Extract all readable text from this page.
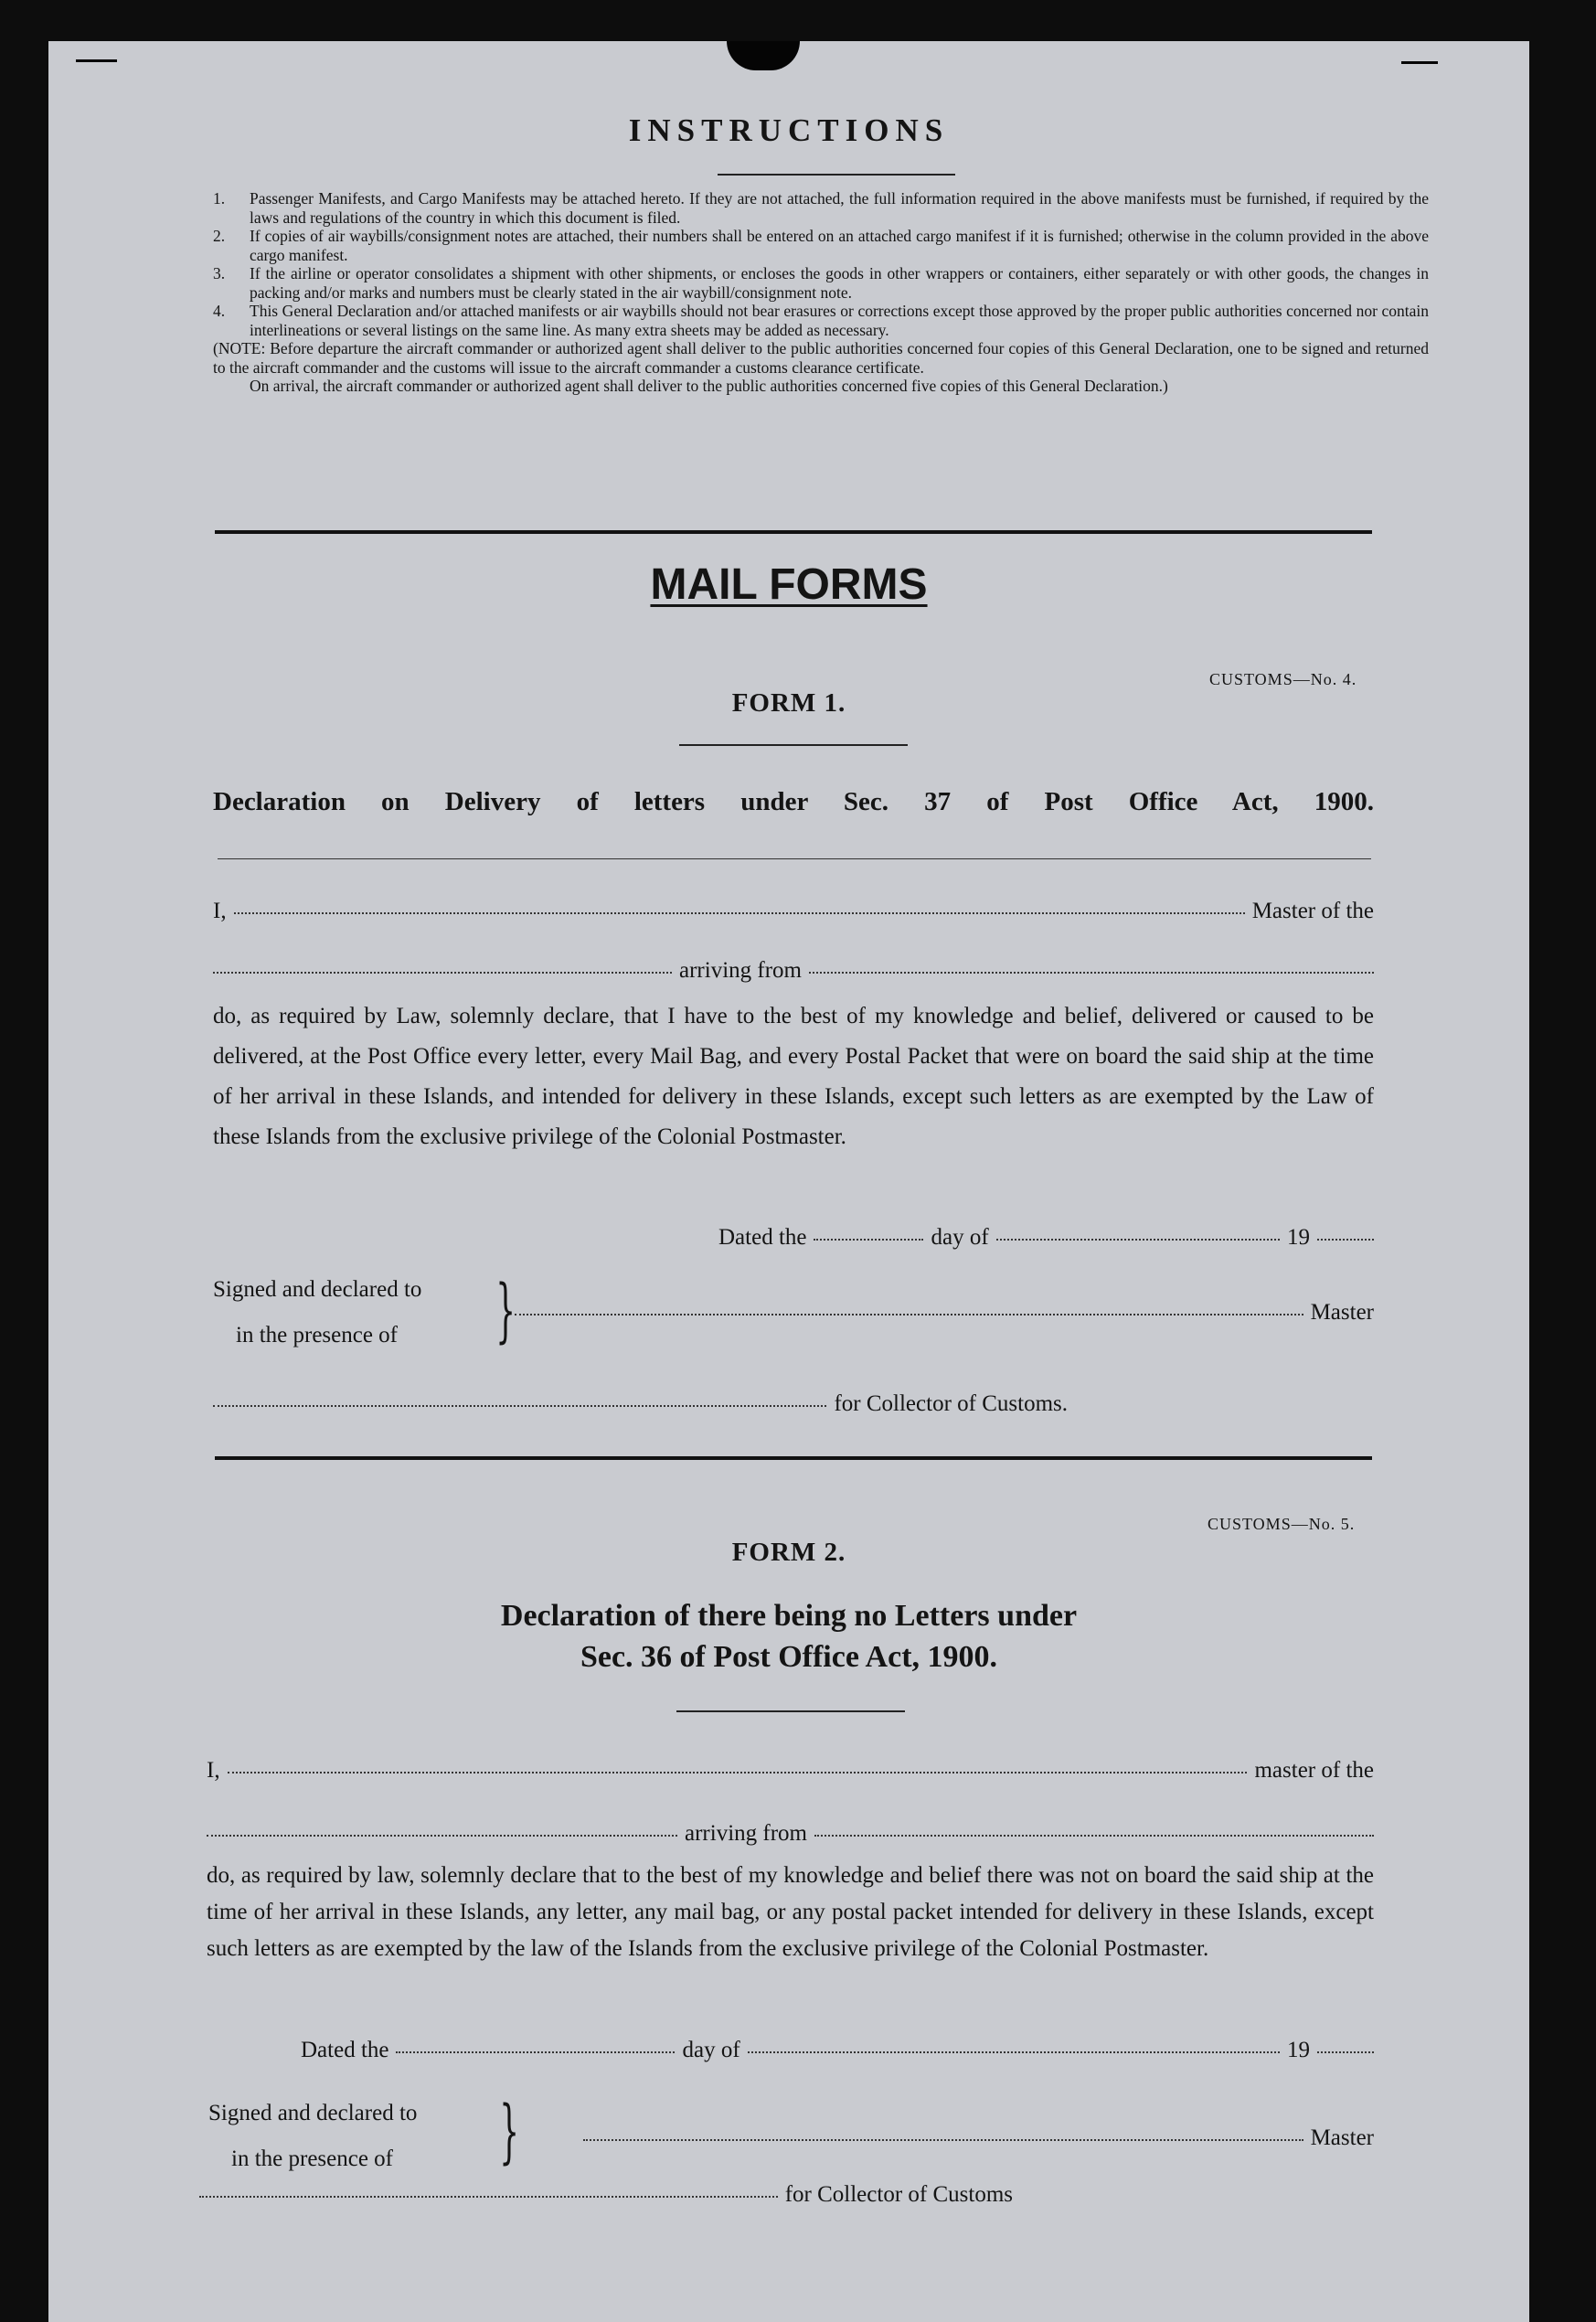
INSTRUCTIONS
1. Passenger Manifests, and Cargo Manifests may be attached hereto. If they are not attached, the full information required in the above manifests must be furnished, if required by the laws and regulations of the country in which this document is filed.
2. If copies of air waybills/consignment notes are attached, their numbers shall be entered on an attached cargo manifest if it is furnished; otherwise in the column provided in the above cargo manifest.
3. If the airline or operator consolidates a shipment with other shipments, or encloses the goods in other wrappers or containers, either separately or with other goods, the changes in packing and/or marks and numbers must be clearly stated in the air waybill/consignment note.
4. This General Declaration and/or attached manifests or air waybills should not bear erasures or corrections except those approved by the proper public authorities concerned nor contain interlineations or several listings on the same line. As many extra sheets may be added as necessary.
(NOTE: Before departure the aircraft commander or authorized agent shall deliver to the public authorities concerned four copies of this General Declaration, one to be signed and returned to the aircraft commander and the customs will issue to the aircraft commander a customs clearance certificate.
On arrival, the aircraft commander or authorized agent shall deliver to the public authorities concerned five copies of this General Declaration.)
MAIL FORMS
CUSTOMS—No. 4.
FORM 1.
Declaration on Delivery of letters under Sec. 37 of Post Office Act, 1900.
I,	Master of the
arriving from
do, as required by Law, solemnly declare, that I have to the best of my knowledge and belief, delivered or caused to be delivered, at the Post Office every letter, every Mail Bag, and every Postal Packet that were on board the said ship at the time of her arrival in these Islands, and intended for delivery in these Islands, except such letters as are exempted by the Law of these Islands from the exclusive privilege of the Colonial Postmaster.
Dated the	day of	19
Signed and declared to
in the presence of }	Master
for Collector of Customs.
CUSTOMS—No. 5.
FORM 2.
Declaration of there being no Letters under
Sec. 36 of Post Office Act, 1900.
I,	master of the
arriving from
do, as required by law, solemnly declare that to the best of my knowledge and belief there was not on board the said ship at the time of her arrival in these Islands, any letter, any mail bag, or any postal packet intended for delivery in these Islands, except such letters as are exempted by the law of the Islands from the exclusive privilege of the Colonial Postmaster.
Dated the	day of	19
Signed and declared to
in the presence of }	Master
for Collector of Customs
